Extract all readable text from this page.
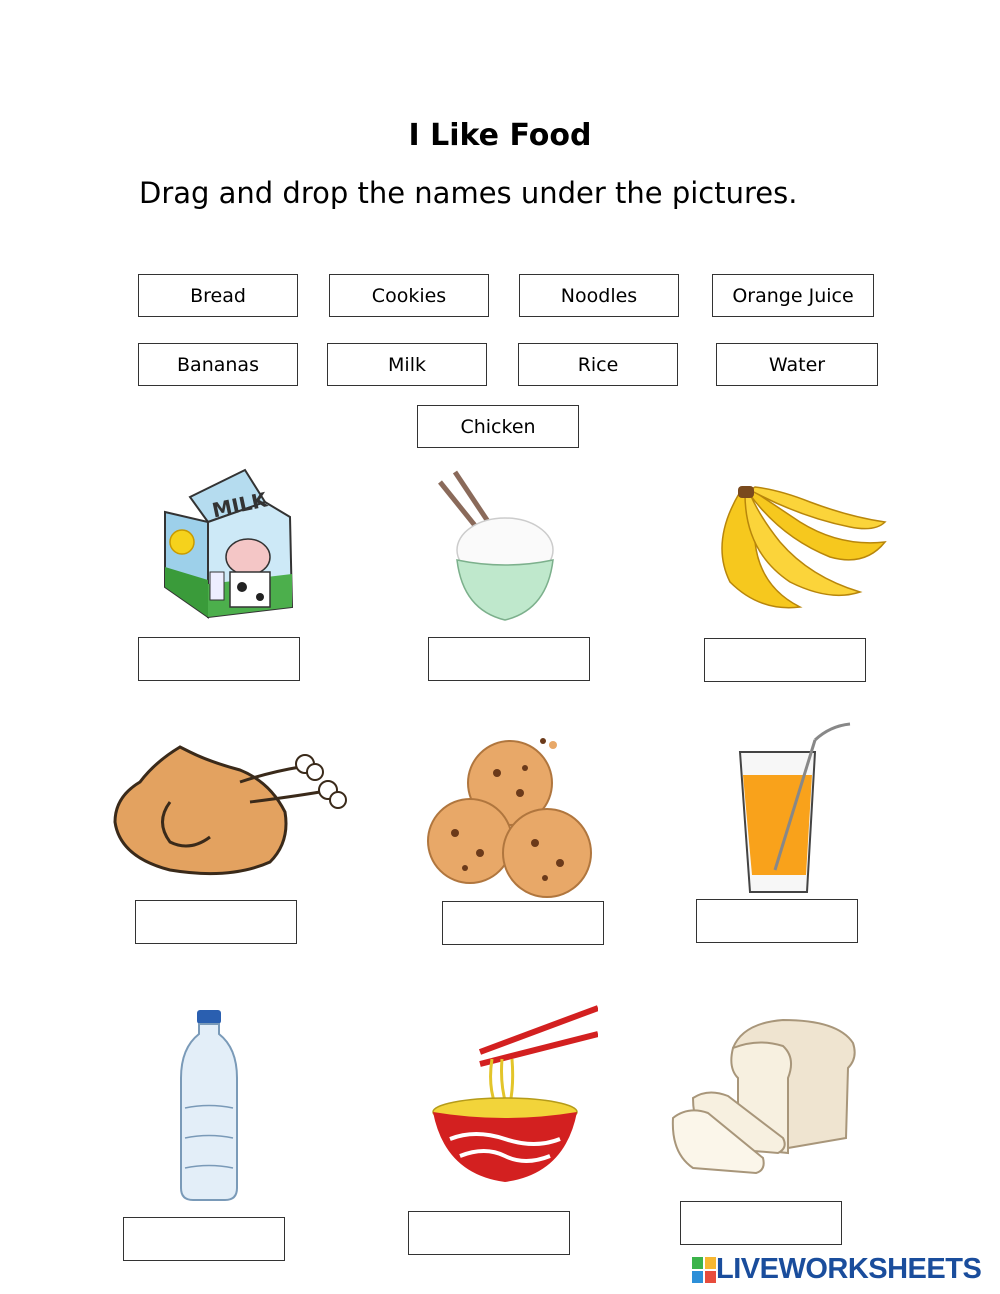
I Like Food
Drag and drop the names under the pictures.
Bread	Cookies	Noodles	Orange Juice
Bananas	Milk	Rice	Water
Chicken
MILK
LIVEWORKSHEETS
